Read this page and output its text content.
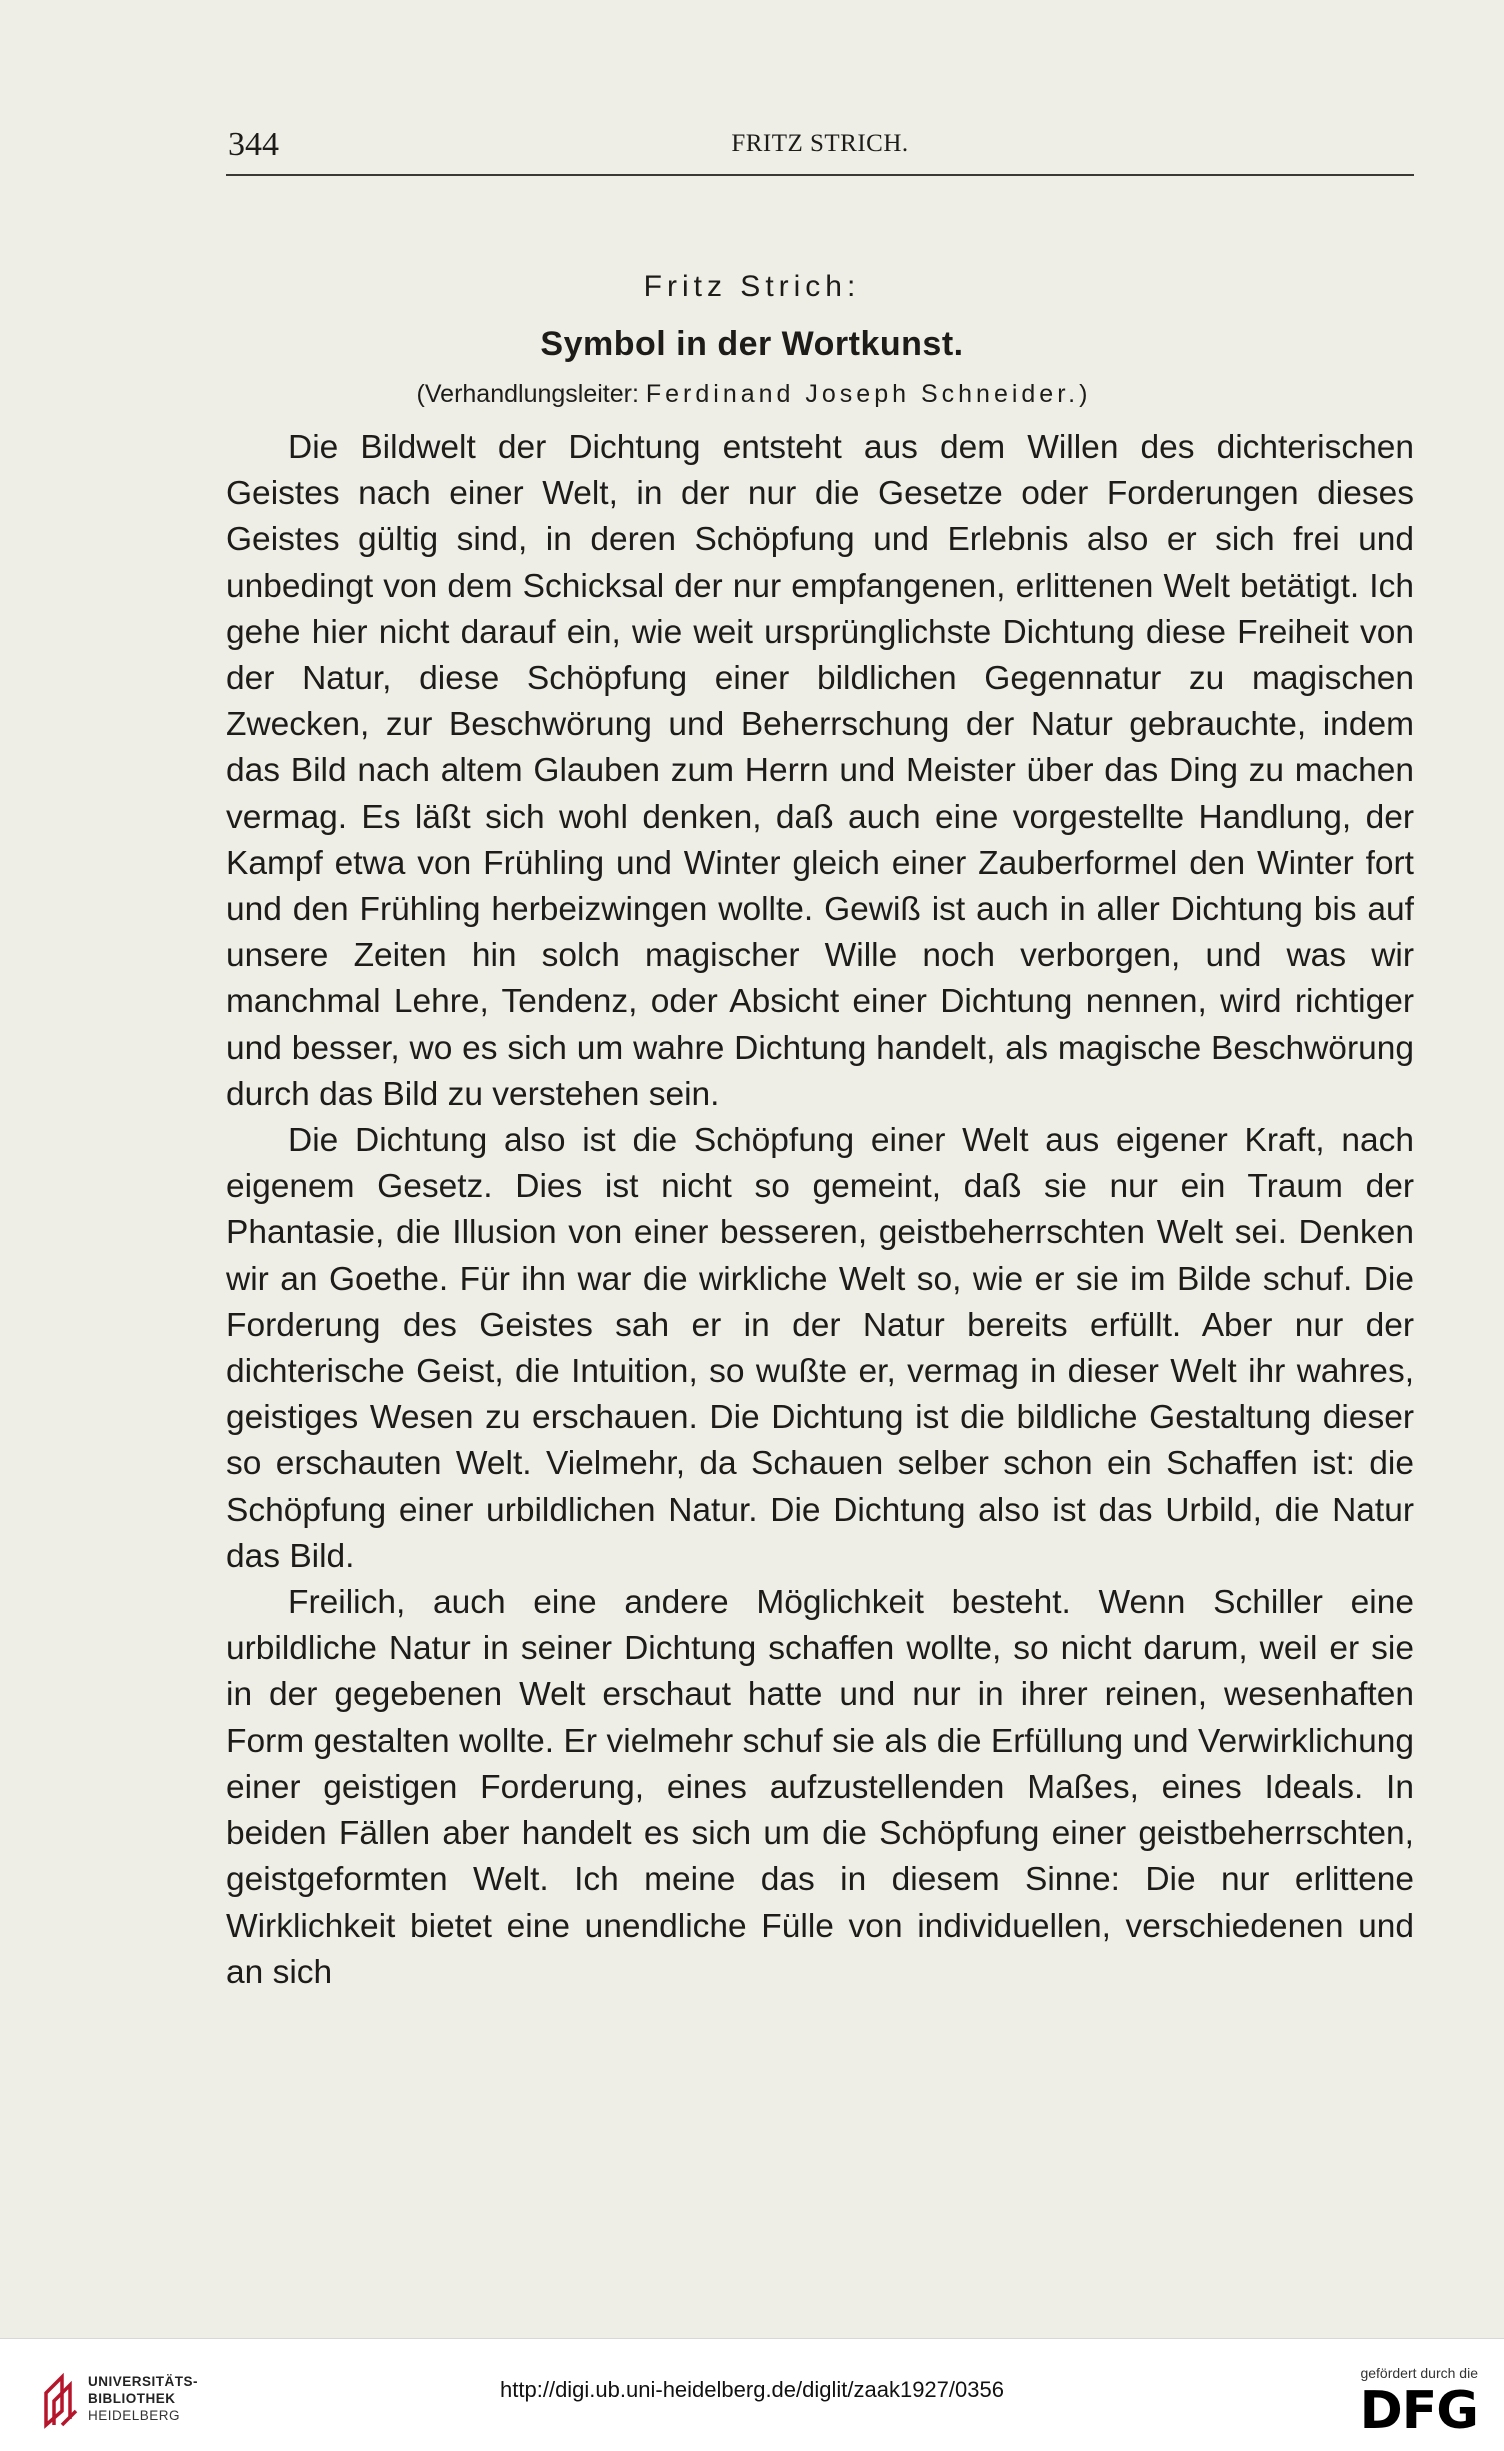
344	FRITZ STRICH.
Fritz Strich:
Symbol in der Wortkunst.
(Verhandlungsleiter: Ferdinand Joseph Schneider.)

Die Bildwelt der Dichtung entsteht aus dem Willen des dichterischen Geistes nach einer Welt, in der nur die Gesetze oder Forderungen dieses Geistes gültig sind, in deren Schöpfung und Erlebnis also er sich frei und unbedingt von dem Schicksal der nur empfangenen, erlittenen Welt betätigt. Ich gehe hier nicht darauf ein, wie weit ursprünglichste Dichtung diese Freiheit von der Natur, diese Schöpfung einer bildlichen Gegennatur zu magischen Zwecken, zur Beschwörung und Beherrschung der Natur gebrauchte, indem das Bild nach altem Glauben zum Herrn und Meister über das Ding zu machen vermag. Es läßt sich wohl denken, daß auch eine vorgestellte Handlung, der Kampf etwa von Frühling und Winter gleich einer Zauberformel den Winter fort und den Frühling herbeizwingen wollte. Gewiß ist auch in aller Dichtung bis auf unsere Zeiten hin solch magischer Wille noch verborgen, und was wir manchmal Lehre, Tendenz, oder Absicht einer Dichtung nennen, wird richtiger und besser, wo es sich um wahre Dichtung handelt, als magische Beschwörung durch das Bild zu verstehen sein.

Die Dichtung also ist die Schöpfung einer Welt aus eigener Kraft, nach eigenem Gesetz. Dies ist nicht so gemeint, daß sie nur ein Traum der Phantasie, die Illusion von einer besseren, geistbeherrschten Welt sei. Denken wir an Goethe. Für ihn war die wirkliche Welt so, wie er sie im Bilde schuf. Die Forderung des Geistes sah er in der Natur bereits erfüllt. Aber nur der dichterische Geist, die Intuition, so wußte er, vermag in dieser Welt ihr wahres, geistiges Wesen zu erschauen. Die Dichtung ist die bildliche Gestaltung dieser so erschauten Welt. Vielmehr, da Schauen selber schon ein Schaffen ist: die Schöpfung einer urbildlichen Natur. Die Dichtung also ist das Urbild, die Natur das Bild.

Freilich, auch eine andere Möglichkeit besteht. Wenn Schiller eine urbildliche Natur in seiner Dichtung schaffen wollte, so nicht darum, weil er sie in der gegebenen Welt erschaut hatte und nur in ihrer reinen, wesenhaften Form gestalten wollte. Er vielmehr schuf sie als die Erfüllung und Verwirklichung einer geistigen Forderung, eines aufzustellenden Maßes, eines Ideals. In beiden Fällen aber handelt es sich um die Schöpfung einer geistbeherrschten, geistgeformten Welt. Ich meine das in diesem Sinne: Die nur erlittene Wirklichkeit bietet eine unendliche Fülle von individuellen, verschiedenen und an sich

UNIVERSITÄTS-
BIBLIOTHEK
HEIDELBERG
http://digi.ub.uni-heidelberg.de/diglit/zaak1927/0356
gefördert durch die
DFG
